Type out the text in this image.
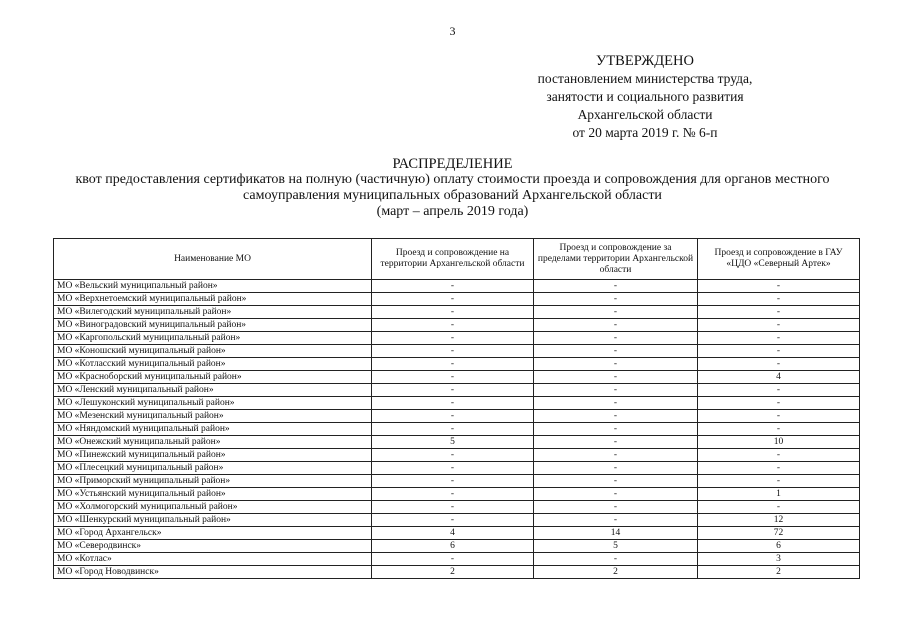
3
УТВЕРЖДЕНО
постановлением министерства труда,
занятости и социального развития
Архангельской области
от 20 марта 2019 г. № 6-п
РАСПРЕДЕЛЕНИЕ
квот предоставления сертификатов на полную (частичную) оплату стоимости проезда и сопровождения для органов местного
самоуправления муниципальных образований Архангельской области
(март – апрель 2019 года)
Наименование МО	Проезд и сопровождение на территории Архангельской области	Проезд и сопровождение за пределами территории Архангельской области	Проезд и сопровождение в ГАУ «ЦДО «Северный Артек»
МО «Вельский муниципальный район»	-	-	-
МО «Верхнетоемский муниципальный район»	-	-	-
МО «Вилегодский муниципальный район»	-	-	-
МО «Виноградовский муниципальный район»	-	-	-
МО «Каргопольский муниципальный район»	-	-	-
МО «Коношский муниципальный район»	-	-	-
МО «Котласский муниципальный район»	-	-	-
МО «Красноборский муниципальный район»	-	-	4
МО «Ленский муниципальный район»	-	-	-
МО «Лешуконский муниципальный район»	-	-	-
МО «Мезенский муниципальный район»	-	-	-
МО «Няндомский муниципальный район»	-	-	-
МО «Онежский муниципальный район»	5	-	10
МО «Пинежский муниципальный район»	-	-	-
МО «Плесецкий муниципальный район»	-	-	-
МО «Приморский муниципальный район»	-	-	-
МО «Устьянский муниципальный район»	-	-	1
МО «Холмогорский муниципальный район»	-	-	-
МО «Шенкурский муниципальный район»	-	-	12
МО «Город Архангельск»	4	14	72
МО «Северодвинск»	6	5	6
МО «Котлас»	-	-	3
МО «Город Новодвинск»	2	2	2
